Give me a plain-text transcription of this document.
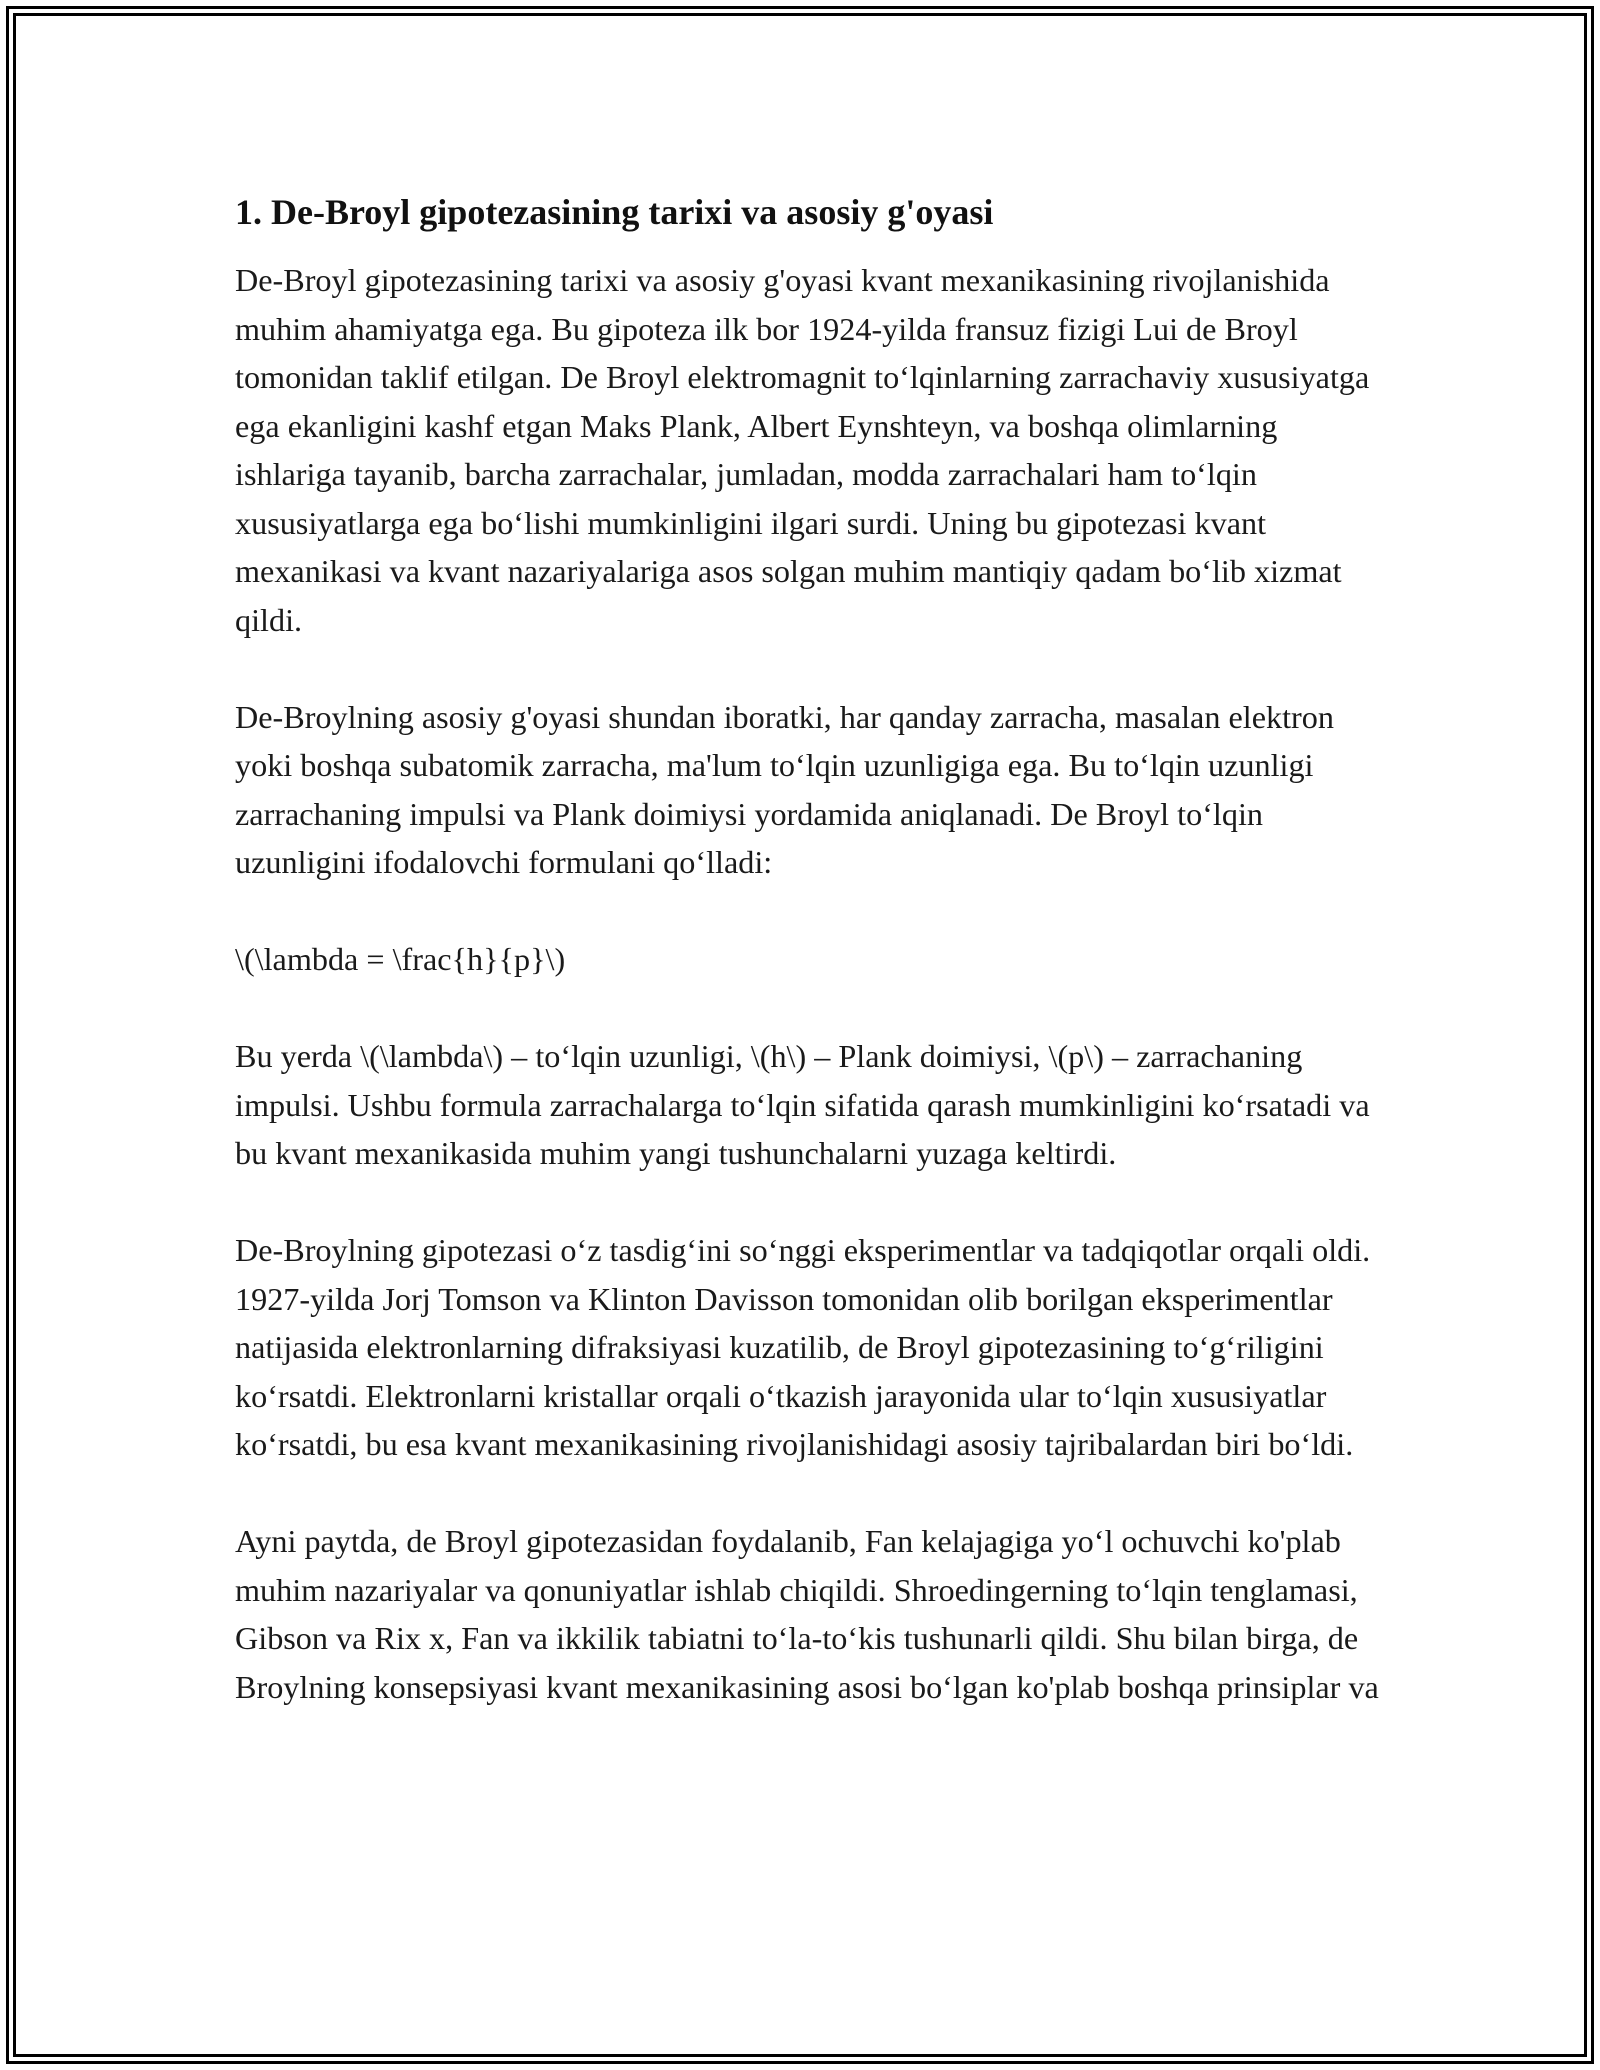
1. De-Broyl gipotezasining tarixi va asosiy g'oyasi

De-Broyl gipotezasining tarixi va asosiy g'oyasi kvant mexanikasining rivojlanishida muhim ahamiyatga ega. Bu gipoteza ilk bor 1924-yilda fransuz fizigi Lui de Broyl tomonidan taklif etilgan. De Broyl elektromagnit to‘lqinlarning zarrachaviy xususiyatga ega ekanligini kashf etgan Maks Plank, Albert Eynshteyn, va boshqa olimlarning ishlariga tayanib, barcha zarrachalar, jumladan, modda zarrachalari ham to‘lqin xususiyatlarga ega bo‘lishi mumkinligini ilgari surdi. Uning bu gipotezasi kvant mexanikasi va kvant nazariyalariga asos solgan muhim mantiqiy qadam bo‘lib xizmat qildi.

De-Broylning asosiy g'oyasi shundan iboratki, har qanday zarracha, masalan elektron yoki boshqa subatomik zarracha, ma'lum to‘lqin uzunligiga ega. Bu to‘lqin uzunligi zarrachaning impulsi va Plank doimiysi yordamida aniqlanadi. De Broyl to‘lqin uzunligini ifodalovchi formulani qo‘lladi:

\(\lambda = \frac{h}{p}\)

Bu yerda \(\lambda\) – to‘lqin uzunligi, \(h\) – Plank doimiysi, \(p\) – zarrachaning impulsi. Ushbu formula zarrachalarga to‘lqin sifatida qarash mumkinligini ko‘rsatadi va bu kvant mexanikasida muhim yangi tushunchalarni yuzaga keltirdi.

De-Broylning gipotezasi o‘z tasdig‘ini so‘nggi eksperimentlar va tadqiqotlar orqali oldi. 1927-yilda Jorj Tomson va Klinton Davisson tomonidan olib borilgan eksperimentlar natijasida elektronlarning difraksiyasi kuzatilib, de Broyl gipotezasining to‘g‘riligini ko‘rsatdi. Elektronlarni kristallar orqali o‘tkazish jarayonida ular to‘lqin xususiyatlar ko‘rsatdi, bu esa kvant mexanikasining rivojlanishidagi asosiy tajribalardan biri bo‘ldi.

Ayni paytda, de Broyl gipotezasidan foydalanib, Fan kelajagiga yo‘l ochuvchi ko'plab muhim nazariyalar va qonuniyatlar ishlab chiqildi. Shroedingerning to‘lqin tenglamasi, Gibson va Rix x, Fan va ikkilik tabiatni to‘la-to‘kis tushunarli qildi. Shu bilan birga, de Broylning konsepsiyasi kvant mexanikasining asosi bo‘lgan ko'plab boshqa prinsiplar va
